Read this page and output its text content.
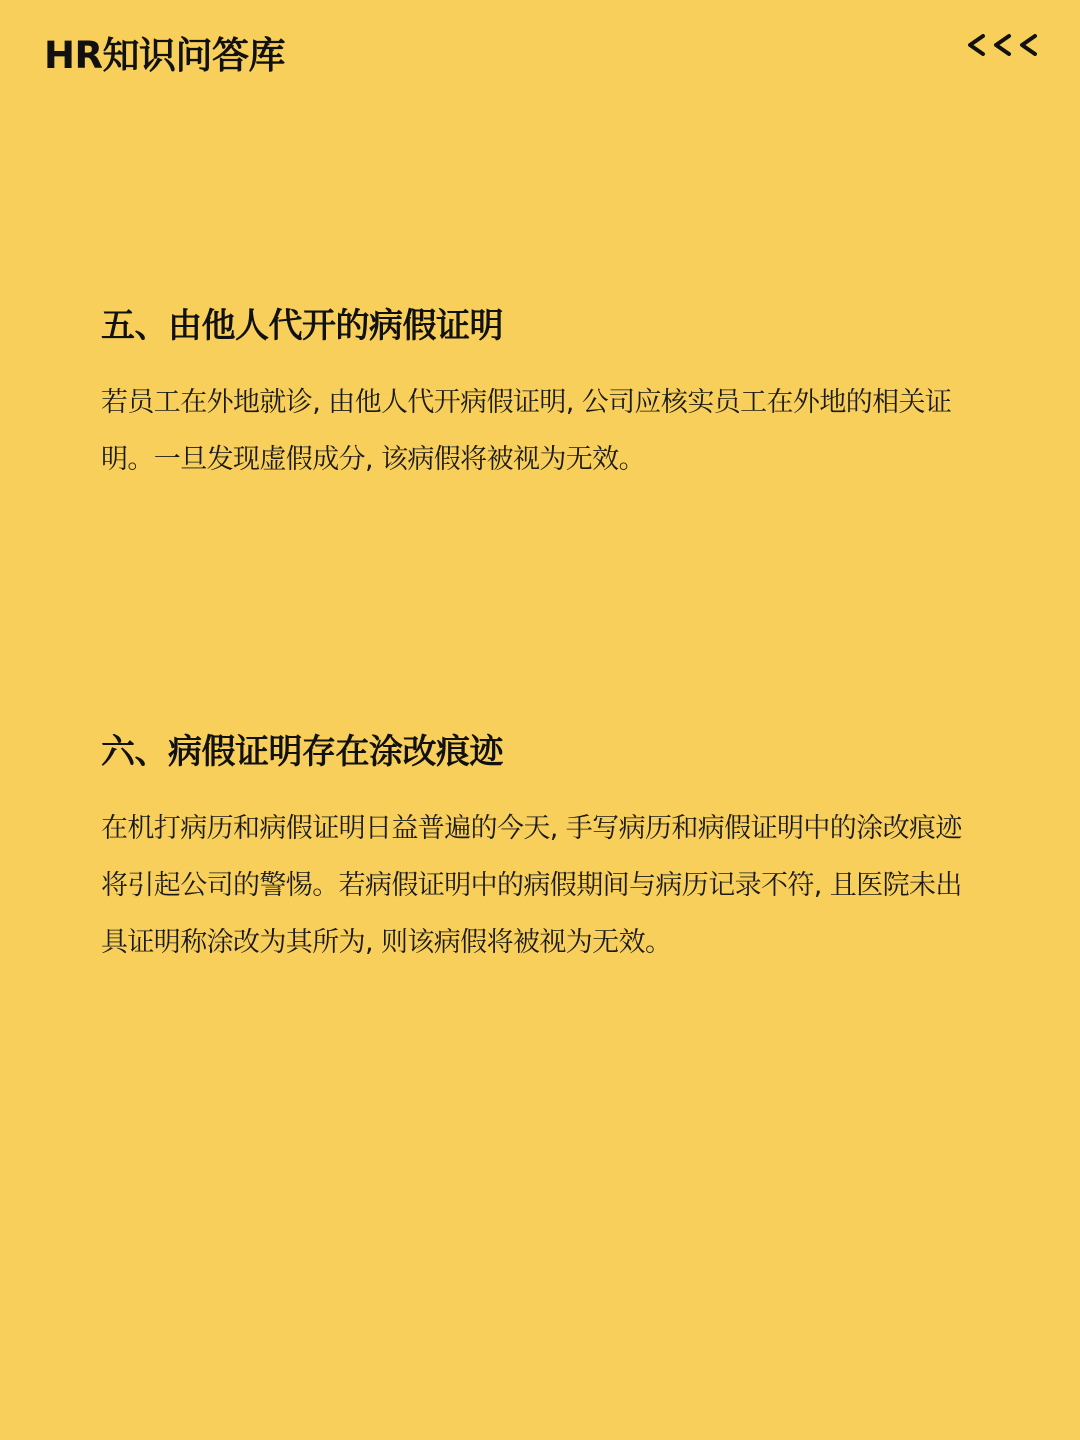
HR知识问答库
五、由他人代开的病假证明

若员工在外地就诊, 由他人代开病假证明, 公司应核实员工在外地的相关证明。一旦发现虚假成分, 该病假将被视为无效。

六、病假证明存在涂改痕迹

在机打病历和病假证明日益普遍的今天, 手写病历和病假证明中的涂改痕迹将引起公司的警惕。若病假证明中的病假期间与病历记录不符, 且医院未出具证明称涂改为其所为, 则该病假将被视为无效。
